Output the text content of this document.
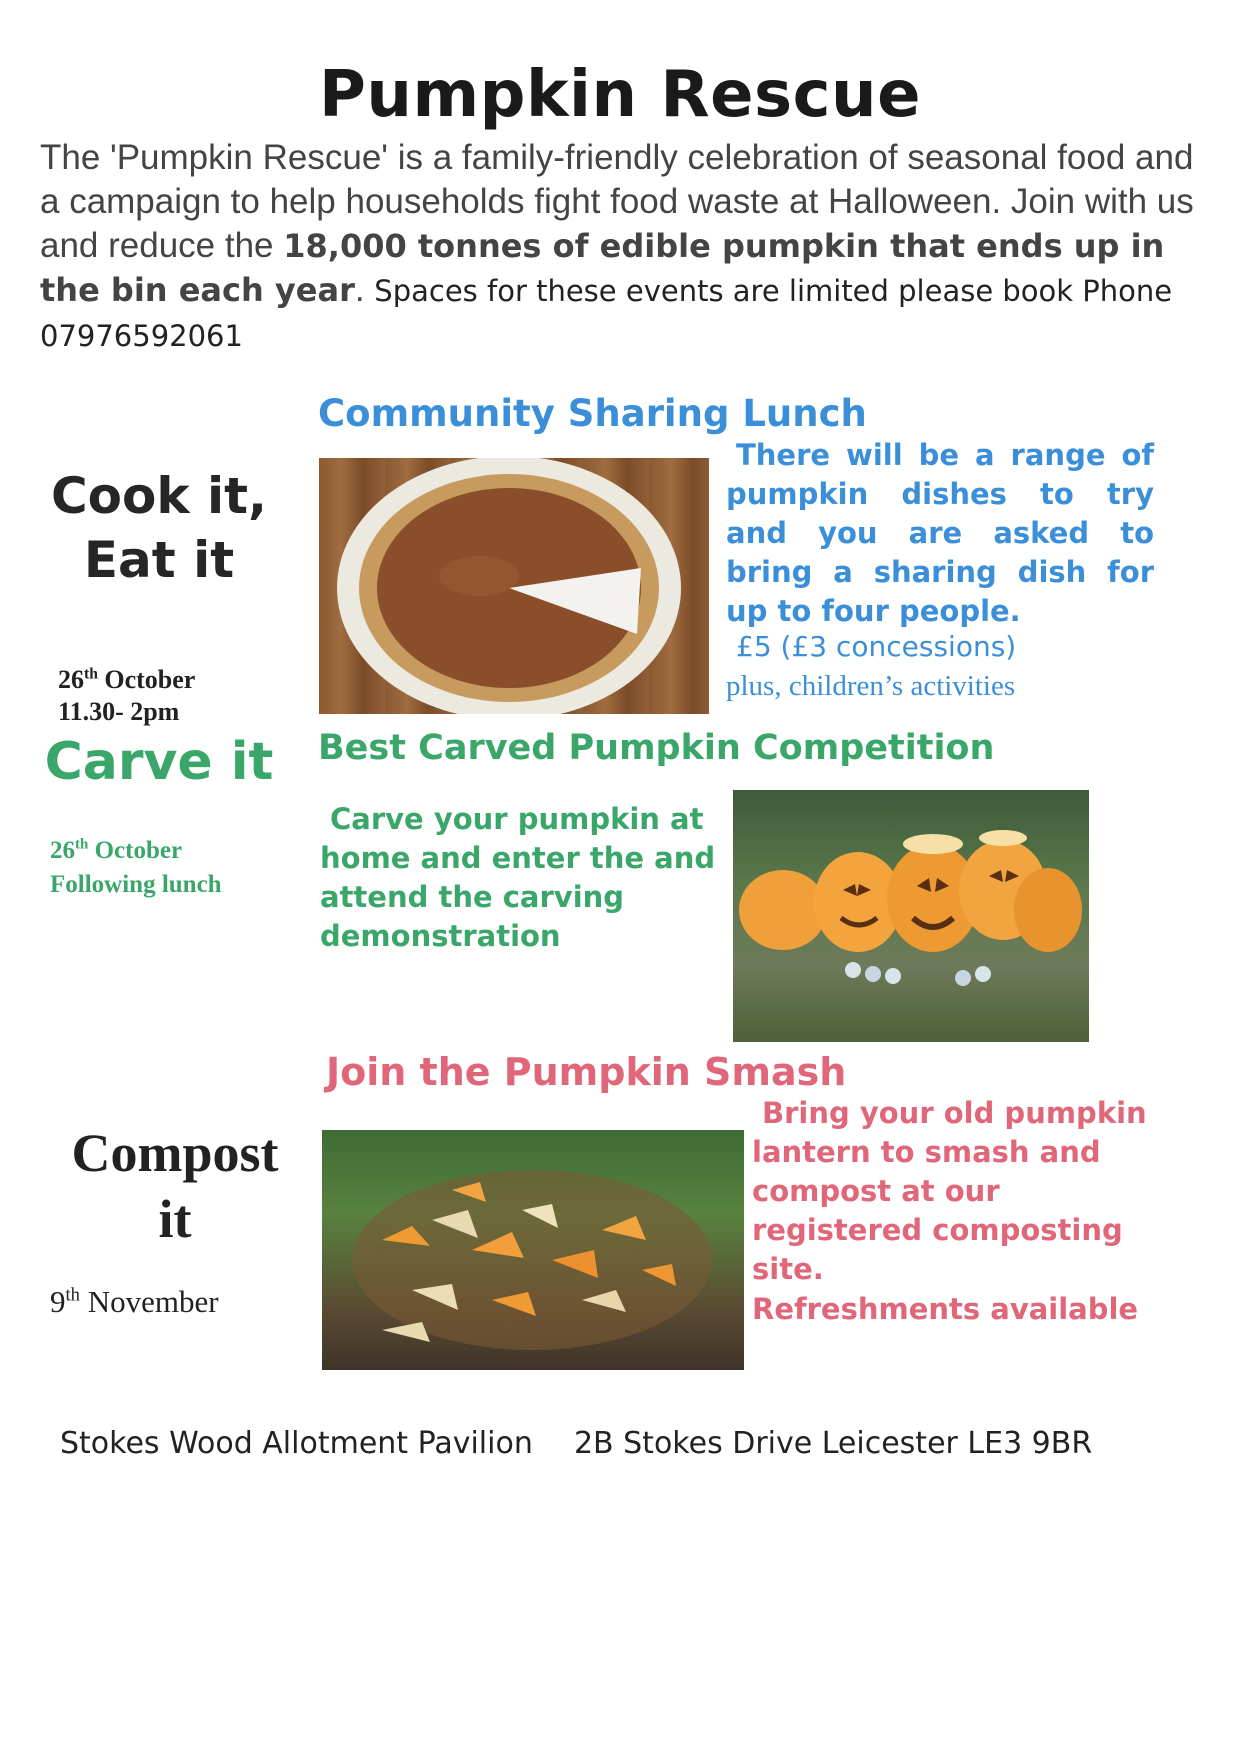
Pumpkin Rescue
The 'Pumpkin Rescue' is a family-friendly celebration of seasonal food and a campaign to help households fight food waste at Halloween. Join with us and reduce the 18,000 tonnes of edible pumpkin that ends up in the bin each year. Spaces for these events are limited please book Phone 07976592061
Cook it,
Eat it
26th October
11.30- 2pm
Community Sharing Lunch
There will be a range of pumpkin dishes to try and you are asked to bring a sharing dish for up to four people.
£5 (£3 concessions)
plus, children’s activities
Carve it
26th October
Following lunch
Best Carved Pumpkin Competition
Carve your pumpkin at home and enter the and attend the carving demonstration
Compost
it
9th November
Join the Pumpkin Smash
Bring your old pumpkin lantern to smash and compost at our registered composting site.
Refreshments available
Stokes Wood Allotment Pavilion 2B Stokes Drive Leicester LE3 9BR
